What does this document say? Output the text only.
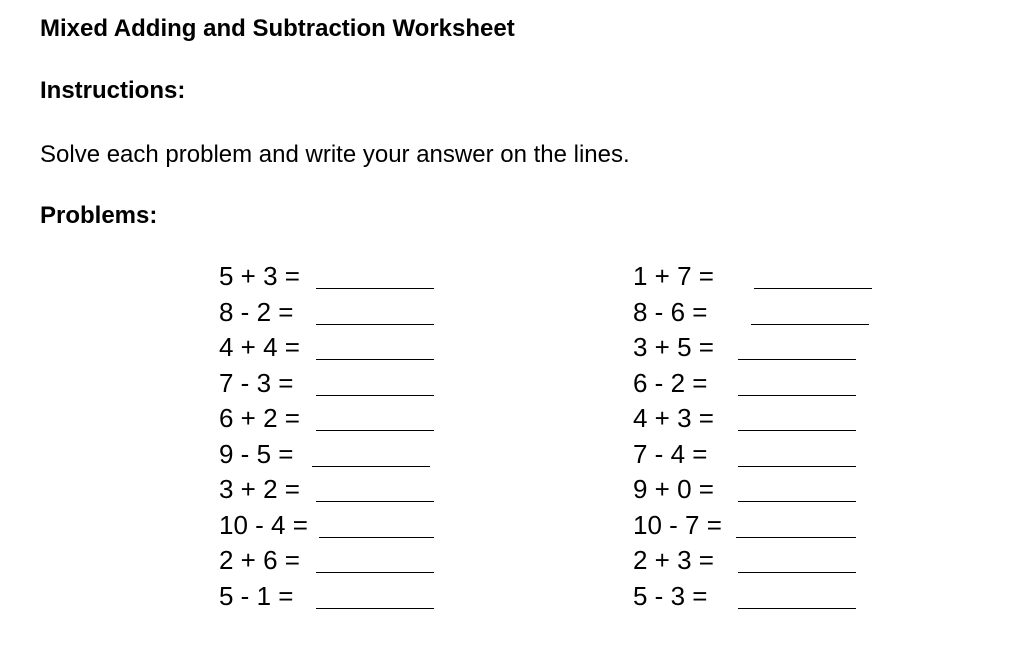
Mixed Adding and Subtraction Worksheet
Instructions:

Solve each problem and write your answer on the lines.

Problems:
5 + 3 =
8 - 2 =
4 + 4 =
7 - 3 =
6 + 2 =
9 - 5 =
3 + 2 =
10 - 4 =
2 + 6 =
5 - 1 =
1 + 7 =
8 - 6 =
3 + 5 =
6 - 2 =
4 + 3 =
7 - 4 =
9 + 0 =
10 - 7 =
2 + 3 =
5 - 3 =
